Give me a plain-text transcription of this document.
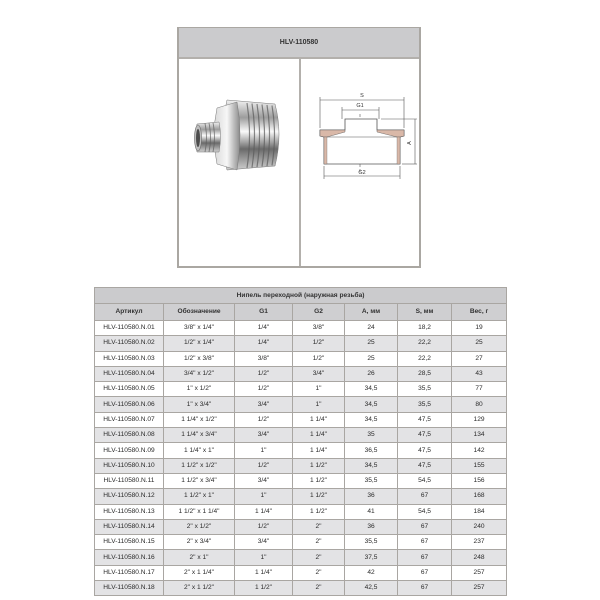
HLV-110580
S
G1
G2
A
Нипель переходной (наружная резьба)						
Артикул	Обозначение	G1	G2	А, мм	S, мм	Вес, г
HLV-110580.N.01	3/8" x 1/4"	1/4"	3/8"	24	18,2	19
HLV-110580.N.02	1/2" x 1/4"	1/4"	1/2"	25	22,2	25
HLV-110580.N.03	1/2" x 3/8"	3/8"	1/2"	25	22,2	27
HLV-110580.N.04	3/4" x 1/2"	1/2"	3/4"	26	28,5	43
HLV-110580.N.05	1" x 1/2"	1/2"	1"	34,5	35,5	77
HLV-110580.N.06	1" x 3/4"	3/4"	1"	34,5	35,5	80
HLV-110580.N.07	1 1/4" x 1/2"	1/2"	1 1/4"	34,5	47,5	129
HLV-110580.N.08	1 1/4" x 3/4"	3/4"	1 1/4"	35	47,5	134
HLV-110580.N.09	1 1/4" x 1"	1"	1 1/4"	36,5	47,5	142
HLV-110580.N.10	1 1/2" x 1/2"	1/2"	1 1/2"	34,5	47,5	155
HLV-110580.N.11	1 1/2" x 3/4"	3/4"	1 1/2"	35,5	54,5	156
HLV-110580.N.12	1 1/2" x 1"	1"	1 1/2"	36	67	168
HLV-110580.N.13	1 1/2" x 1 1/4"	1 1/4"	1 1/2"	41	54,5	184
HLV-110580.N.14	2" x 1/2"	1/2"	2"	36	67	240
HLV-110580.N.15	2" x 3/4"	3/4"	2"	35,5	67	237
HLV-110580.N.16	2" x 1"	1"	2"	37,5	67	248
HLV-110580.N.17	2" x 1 1/4"	1 1/4"	2"	42	67	257
HLV-110580.N.18	2" x 1 1/2"	1 1/2"	2"	42,5	67	257
